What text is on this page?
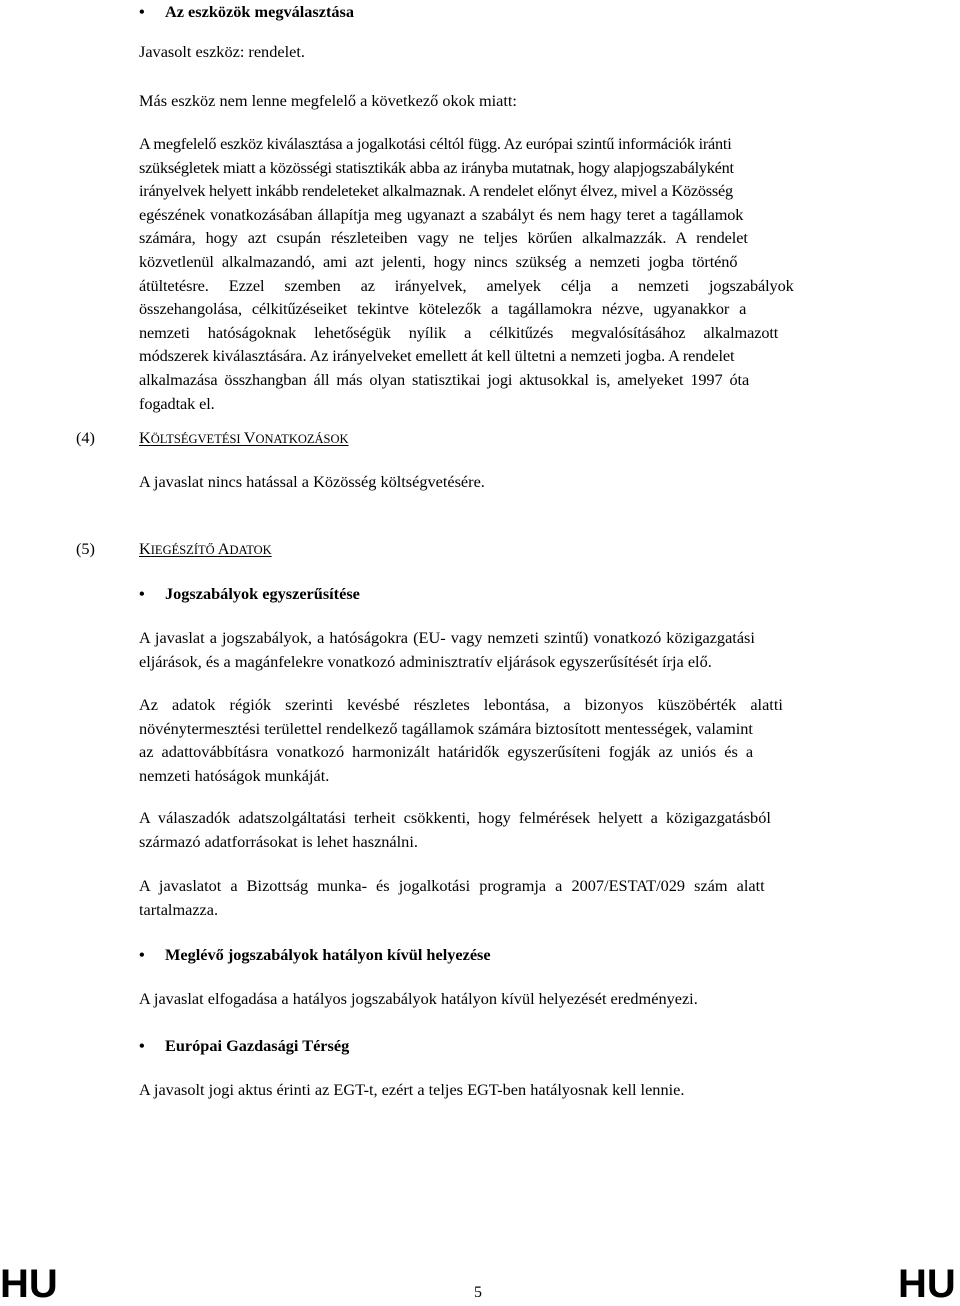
•	Az eszközök megválasztása

Javasolt eszköz: rendelet.

Más eszköz nem lenne megfelelő a következő okok miatt:

A megfelelő eszköz kiválasztása a jogalkotási céltól függ. Az európai szintű információk iránti
szükségletek miatt a közösségi statisztikák abba az irányba mutatnak, hogy alapjogszabályként
irányelvek helyett inkább rendeleteket alkalmaznak. A rendelet előnyt élvez, mivel a Közösség
egészének vonatkozásában állapítja meg ugyanazt a szabályt és nem hagy teret a tagállamok
számára, hogy azt csupán részleteiben vagy ne teljes körűen alkalmazzák. A rendelet
közvetlenül alkalmazandó, ami azt jelenti, hogy nincs szükség a nemzeti jogba történő
átültetésre. Ezzel szemben az irányelvek, amelyek célja a nemzeti jogszabályok
összehangolása, célkitűzéseiket tekintve kötelezők a tagállamokra nézve, ugyanakkor a
nemzeti hatóságoknak lehetőségük nyílik a célkitűzés megvalósításához alkalmazott
módszerek kiválasztására. Az irányelveket emellett át kell ültetni a nemzeti jogba. A rendelet
alkalmazása összhangban áll más olyan statisztikai jogi aktusokkal is, amelyeket 1997 óta
fogadtak el.
(4)	KÖLTSÉGVETÉSI VONATKOZÁSOK

A javaslat nincs hatással a Közösség költségvetésére.

(5)	KIEGÉSZÍTŐ ADATOK
•	Jogszabályok egyszerűsítése
A javaslat a jogszabályok, a hatóságokra (EU- vagy nemzeti szintű) vonatkozó közigazgatási
eljárások, és a magánfelekre vonatkozó adminisztratív eljárások egyszerűsítését írja elő.
Az adatok régiók szerinti kevésbé részletes lebontása, a bizonyos küszöbérték alatti
növénytermesztési területtel rendelkező tagállamok számára biztosított mentességek, valamint
az adattovábbításra vonatkozó harmonizált határidők egyszerűsíteni fogják az uniós és a
nemzeti hatóságok munkáját.
A válaszadók adatszolgáltatási terheit csökkenti, hogy felmérések helyett a közigazgatásból
származó adatforrásokat is lehet használni.
A javaslatot a Bizottság munka- és jogalkotási programja a 2007/ESTAT/029 szám alatt
tartalmazza.
•	Meglévő jogszabályok hatályon kívül helyezése

A javaslat elfogadása a hatályos jogszabályok hatályon kívül helyezését eredményezi.

•	Európai Gazdasági Térség

A javasolt jogi aktus érinti az EGT-t, ezért a teljes EGT-ben hatályosnak kell lennie.

HU	5	HU
